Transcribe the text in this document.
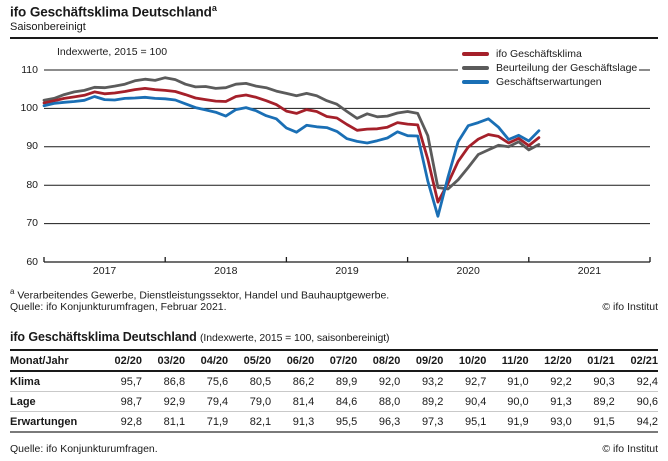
ifo Geschäftsklima Deutschland$^a$
Saisonbereinigt
Indexwerte, 2015 = 100	ifo Geschäftsklima
Beurteilung der Geschäftslage
Geschäftserwartungen
110
100
90
80
70
60
2017	2018	2019	2020	2021
$^a$ Verarbeitendes Gewerbe, Dienstleistungssektor, Handel und Bauhauptgewerbe.
Quelle: ifo Konjunkturumfragen, Februar 2021.	© ifo Institut
ifo Geschäftsklima Deutschland (Indexwerte, 2015 = 100, saisonbereinigt)
Monat/Jahr	02/20	03/20	04/20	05/20	06/20	07/20	08/20	09/20	10/20	11/20	12/20	01/21	02/21
Klima	95,7	86,8	75,6	80,5	86,2	89,9	92,0	93,2	92,7	91,0	92,2	90,3	92,4
Lage	98,7	92,9	79,4	79,0	81,4	84,6	88,0	89,2	90,4	90,0	91,3	89,2	90,6
Erwartungen	92,8	81,1	71,9	82,1	91,3	95,5	96,3	97,3	95,1	91,9	93,0	91,5	94,2
Quelle: ifo Konjunkturumfragen.	© ifo Institut
